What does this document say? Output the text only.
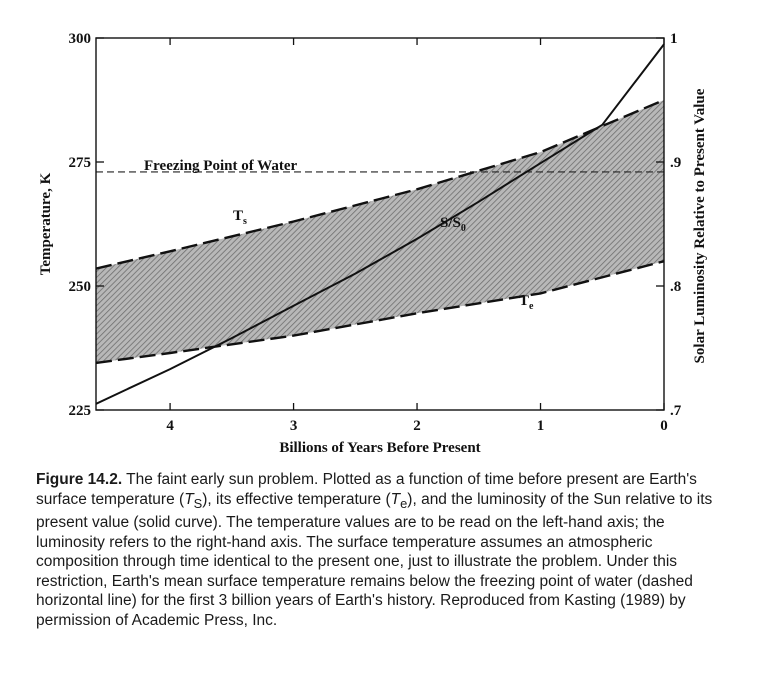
4	3	2	1	0
225
250
275
300
.7
.8
.9
1
Temperature, K	Solar Luminosity Relative to Present Value
Billions of Years Before Present
Freezing Point of Water
$T_s$
$T_e$
$S/S_0$
Figure 14.2. The faint early sun problem. Plotted as a function of time before present are Earth's surface temperature $(T_S)$, its effective temperature $(T_e)$, and the luminosity of the Sun relative to its present value (solid curve). The temperature values are to be read on the left-hand axis; the luminosity refers to the right-hand axis. The surface temperature assumes an atmospheric composition through time identical to the present one, just to illustrate the problem. Under this restriction, Earth's mean surface temperature remains below the freezing point of water (dashed horizontal line) for the first 3 billion years of Earth's history. Reproduced from Kasting (1989) by permission of Academic Press, Inc.
